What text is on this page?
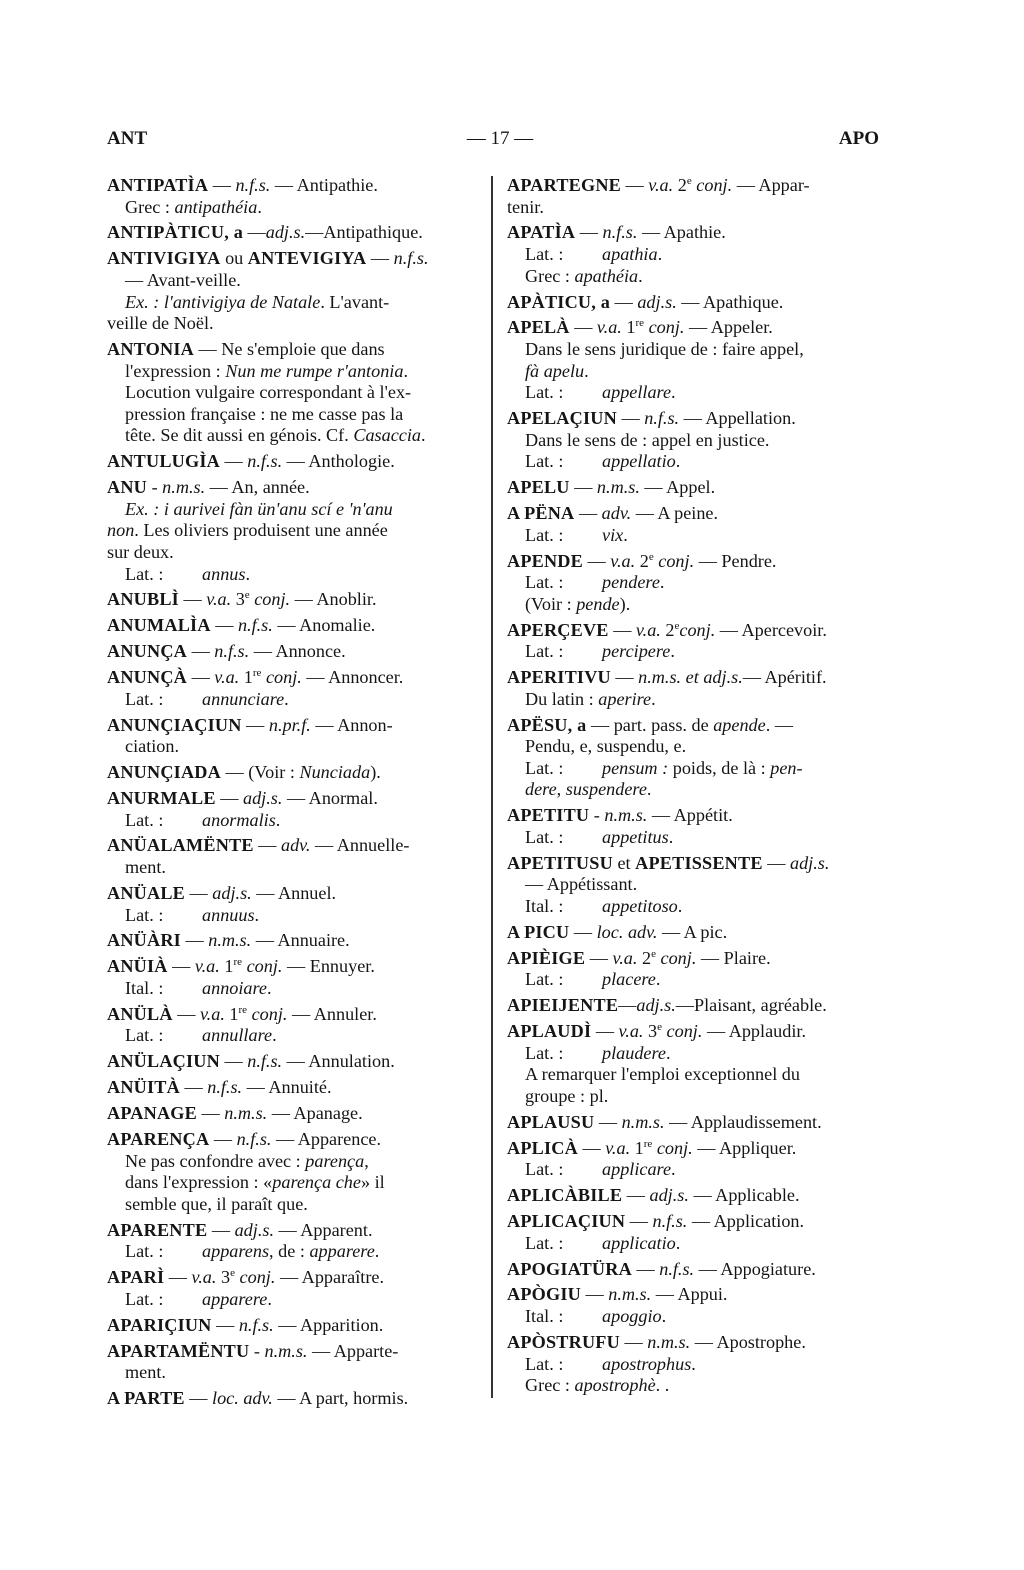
— 17 —
ANT	APO

ANTIPATÌA — n.f.s. — Antipathie.

Grec : antipathéia.

ANTIPÀTICU, a —adj.s.—Antipathique.

ANTIVIGIYA ou ANTEVIGIYA — n.f.s.

— Avant-veille.

Ex. : l'antivigiya de Natale. L'avant-

veille de Noël.

ANTONIA — Ne s'emploie que dans

l'expression : Nun me rumpe r'antonia.

Locution vulgaire correspondant à l'ex-

pression française : ne me casse pas la

tête. Se dit aussi en génois. Cf. Casaccia.

ANTULUGÌA — n.f.s. — Anthologie.

ANU - n.m.s. — An, année.

Ex. : i aurivei fàn ün'anu scí e 'n'anu

non. Les oliviers produisent une année

sur deux.

Lat. : annus.

ANUBLÌ — v.a. 3e conj. — Anoblir.

ANUMALÌA — n.f.s. — Anomalie.

ANUNÇA — n.f.s. — Annonce.

ANUNÇÀ — v.a. 1re conj. — Annoncer.

Lat. : annunciare.

ANUNÇIAÇIUN — n.pr.f. — Annon-

ciation.

ANUNÇIADA — (Voir : Nunciada).

ANURMALE — adj.s. — Anormal.

Lat. : anormalis.

ANÜALAMËNTE — adv. — Annuelle-

ment.

ANÜALE — adj.s. — Annuel.

Lat. : annuus.

ANÜÀRI — n.m.s. — Annuaire.

ANÜIÀ — v.a. 1re conj. — Ennuyer.

Ital. : annoiare.

ANÜLÀ — v.a. 1re conj. — Annuler.

Lat. : annullare.

ANÜLAÇIUN — n.f.s. — Annulation.

ANÜITÀ — n.f.s. — Annuité.

APANAGE — n.m.s. — Apanage.

APARENÇA — n.f.s. — Apparence.

Ne pas confondre avec : parença,

dans l'expression : «parença che» il

semble que, il paraît que.

APARENTE — adj.s. — Apparent.

Lat. : apparens, de : apparere.

APARÌ — v.a. 3e conj. — Apparaître.

Lat. : apparere.

APARIÇIUN — n.f.s. — Apparition.

APARTAMËNTU - n.m.s. — Apparte-

ment.

A PARTE — loc. adv. — A part, hormis.

APARTEGNE — v.a. 2e conj. — Appar-

tenir.

APATÌA — n.f.s. — Apathie.

Lat. : apathia.

Grec : apathéia.

APÀTICU, a — adj.s. — Apathique.

APELÀ — v.a. 1re conj. — Appeler.

Dans le sens juridique de : faire appel,

fà apelu.

Lat. : appellare.

APELAÇIUN — n.f.s. — Appellation.

Dans le sens de : appel en justice.

Lat. : appellatio.

APELU — n.m.s. — Appel.

A PËNA — adv. — A peine.

Lat. : vix.

APENDE — v.a. 2e conj. — Pendre.

Lat. : pendere.

(Voir : pende).

APERÇEVE — v.a. 2econj. — Apercevoir.

Lat. : percipere.

APERITIVU — n.m.s. et adj.s.— Apéritif.

Du latin : aperire.

APËSU, a — part. pass. de apende. —

Pendu, e, suspendu, e.

Lat. : pensum : poids, de là : pen-

dere, suspendere.

APETITU - n.m.s. — Appétit.

Lat. : appetitus.

APETITUSU et APETISSENTE — adj.s.

— Appétissant.

Ital. : appetitoso.

A PICU — loc. adv. — A pic.

APIÈIGE — v.a. 2e conj. — Plaire.

Lat. : placere.

APIEIJENTE—adj.s.—Plaisant, agréable.

APLAUDÌ — v.a. 3e conj. — Applaudir.

Lat. : plaudere.

A remarquer l'emploi exceptionnel du

groupe : pl.

APLAUSU — n.m.s. — Applaudissement.

APLICÀ — v.a. 1re conj. — Appliquer.

Lat. : applicare.

APLICÀBILE — adj.s. — Applicable.

APLICAÇIUN — n.f.s. — Application.

Lat. : applicatio.

APOGIATÜRA — n.f.s. — Appogiature.

APÒGIU — n.m.s. — Appui.

Ital. : apoggio.

APÒSTRUFU — n.m.s. — Apostrophe.

Lat. : apostrophus.

Grec : apostrophè. .
